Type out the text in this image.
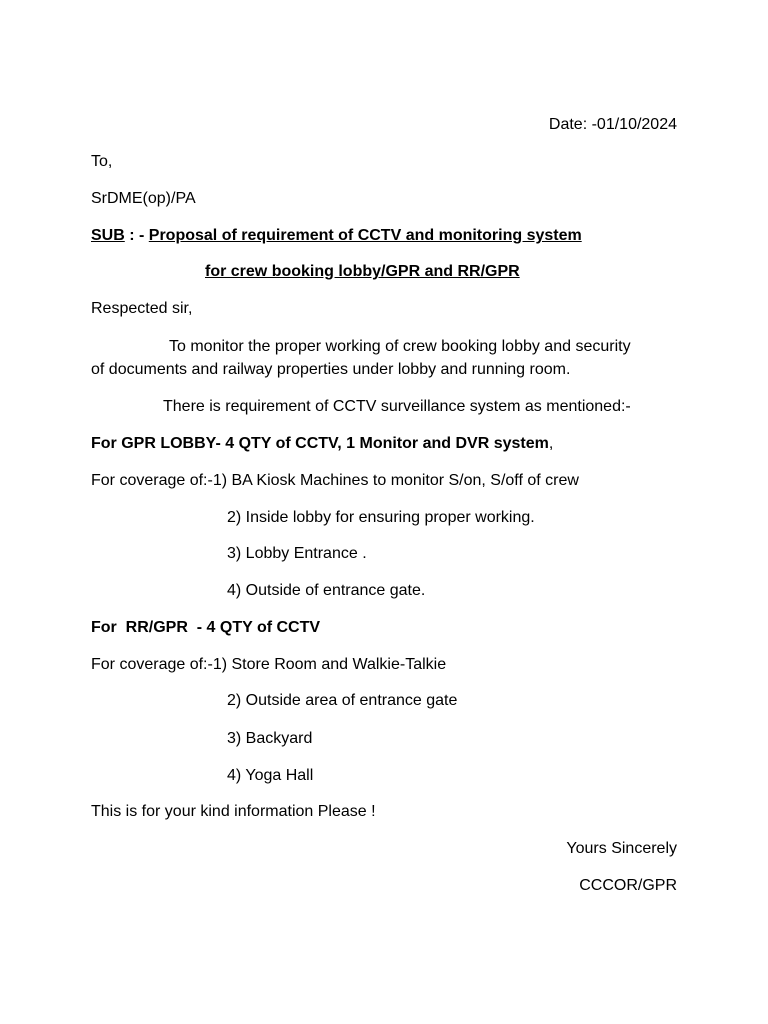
Date: -01/10/2024
To,
SrDME(op)/PA
SUB : - Proposal of requirement of CCTV and monitoring system
for crew booking lobby/GPR and RR/GPR
Respected sir,
To monitor the proper working of crew booking lobby and security
of documents and railway properties under lobby and running room.
There is requirement of CCTV surveillance system as mentioned:-
For GPR LOBBY- 4 QTY of CCTV, 1 Monitor and DVR system,
For coverage of:-1) BA Kiosk Machines to monitor S/on, S/off of crew
2) Inside lobby for ensuring proper working.
3) Lobby Entrance .
4) Outside of entrance gate.
For  RR/GPR  - 4 QTY of CCTV
For coverage of:-1) Store Room and Walkie-Talkie
2) Outside area of entrance gate
3) Backyard
4) Yoga Hall
This is for your kind information Please !
Yours Sincerely
CCCOR/GPR
